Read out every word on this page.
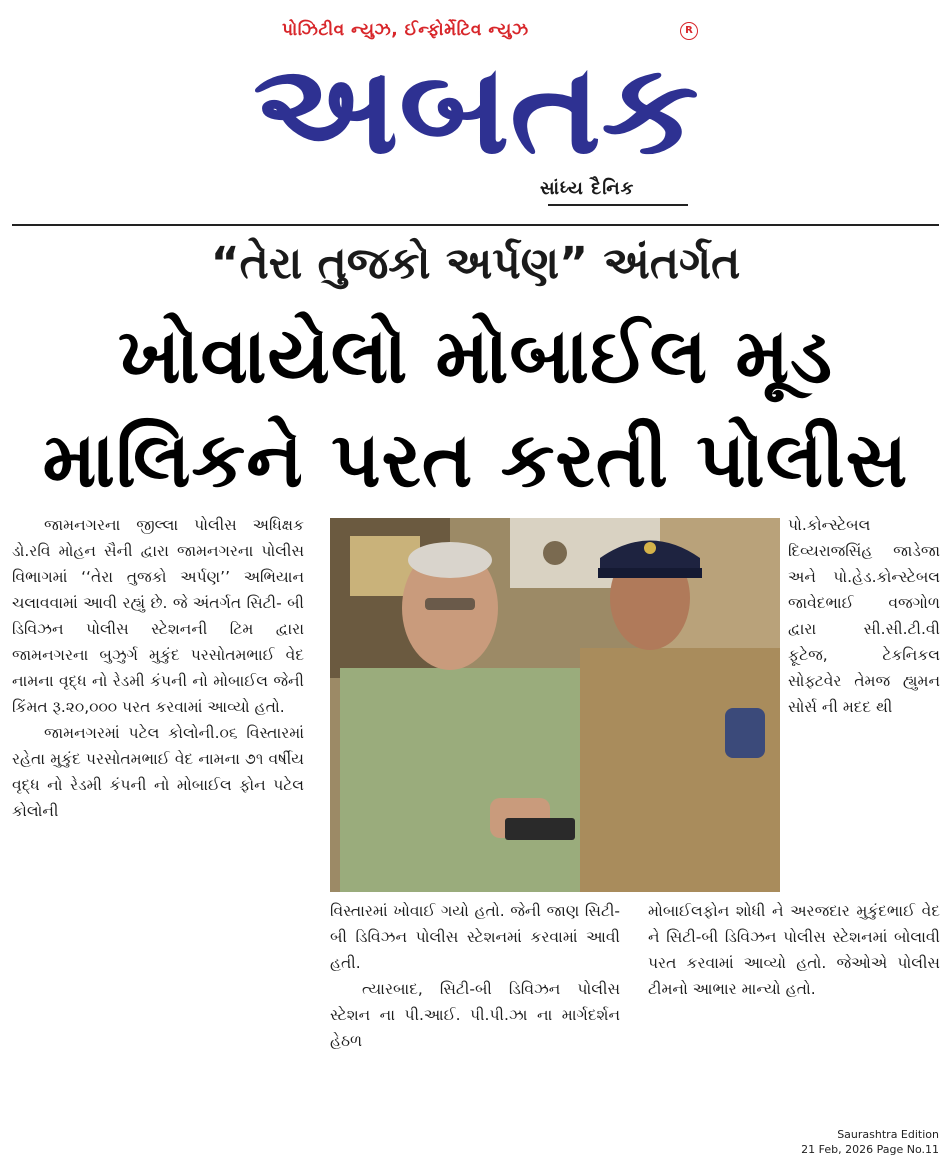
પોઝિટીવ ન્યુઝ, ઈન્ફોર્મેટિવ ન્યુઝ	R
અબતક
સાંધ્ય દૈનિક
“તેરા તુજકો અર્પણ” અંતર્ગત
ખોવાયેલો મોબાઈલ મૂડ
માલિકને પરત કરતી પોલીસ

જામનગરના જીલ્લા પોલીસ અધિક્ષક ડો.રવિ મોહન સૈની દ્વારા જામનગરના પોલીસ વિભાગમાં ‘‘તેરા તુજકો અર્પણ’’ અભિયાન ચલાવવામાં આવી રહ્યું છે. જે અંતર્ગત સિટી- બી ડિવિઝન પોલીસ સ્ટેશનની ટિમ દ્વારા જામનગરના બુઝુર્ગ મુકુંદ પરસોતમભાઈ વેદ નામના વૃદ્ધ નો રેડમી કંપની નો મોબાઈલ જેની કિંમત રૂ.૨૦,૦૦૦ પરત કરવામાં આવ્યો હતો.

જામનગરમાં પટેલ કોલોની.૦૬ વિસ્તારમાં રહેતા મુકુંદ પરસોતમભાઈ વેદ નામના ૭૧ વર્ષીય વૃદ્ધ નો રેડમી કંપની નો મોબાઈલ ફોન પટેલ કોલોની

વિસ્તારમાં ખોવાઈ ગયો હતો. જેની જાણ સિટી-બી ડિવિઝન પોલીસ સ્ટેશનમાં કરવામાં આવી હતી.

ત્યારબાદ, સિટી-બી ડિવિઝન પોલીસ સ્ટેશન ના પી.આઈ. પી.પી.ઝા ના માર્ગદર્શન હેઠળ

પો.કોન્સ્ટેબલ દિવ્યરાજસિંહ જાડેજા અને પો.હેડ.કોન્સ્ટેબલ જાવેદભાઈ વજગોળ દ્વારા સી.સી.ટી.વી ફૂટેજ, ટેકનિકલ સોફ્ટવેર તેમજ હ્યુમન સોર્સ ની મદદ થી

મોબાઈલફોન શોધી ને અરજદાર મુકુંદભાઈ વેદ ને સિટી-બી ડિવિઝન પોલીસ સ્ટેશનમાં બોલાવી પરત કરવામાં આવ્યો હતો. જેઓએ પોલીસ ટીમનો આભાર માન્યો હતો.

Saurashtra Edition
21 Feb, 2026 Page No.11
